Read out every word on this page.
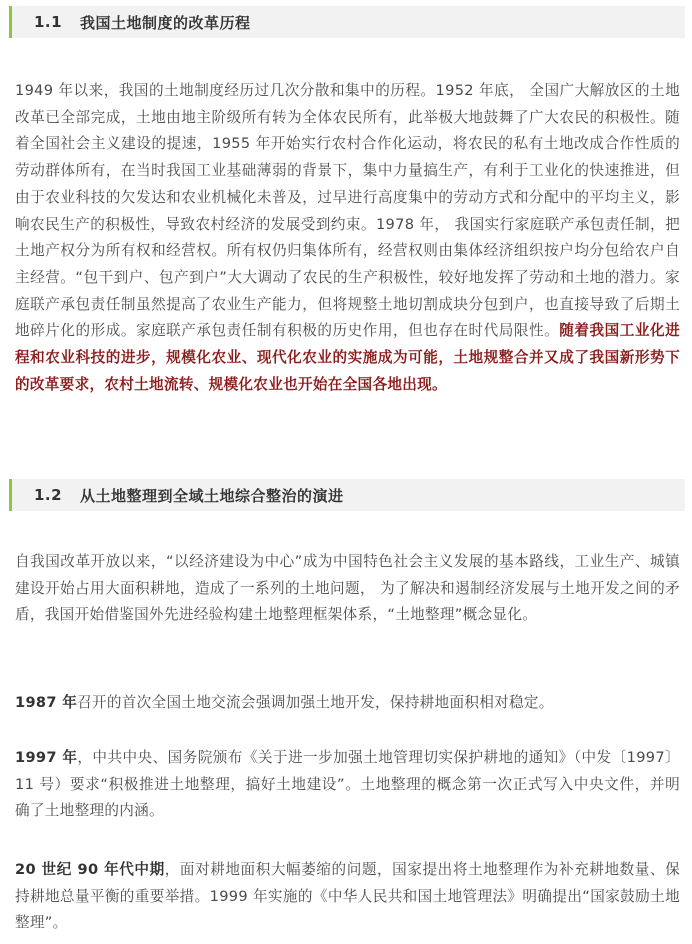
1.1	我国土地制度的改革历程

1949 年以来，我国的土地制度经历过几次分散和集中的历程。1952 年底， 全国广大解放区的土地改革已全部完成，土地由地主阶级所有转为全体农民所有，此举极大地鼓舞了广大农民的积极性。随着全国社会主义建设的提速，1955 年开始实行农村合作化运动，将农民的私有土地改成合作性质的劳动群体所有，在当时我国工业基础薄弱的背景下，集中力量搞生产，有利于工业化的快速推进，但由于农业科技的欠发达和农业机械化未普及，过早进行高度集中的劳动方式和分配中的平均主义，影响农民生产的积极性，导致农村经济的发展受到约束。1978 年， 我国实行家庭联产承包责任制，把土地产权分为所有权和经营权。所有权仍归集体所有，经营权则由集体经济组织按户均分包给农户自主经营。“包干到户、包产到户”大大调动了农民的生产积极性，较好地发挥了劳动和土地的潜力。家庭联产承包责任制虽然提高了农业生产能力，但将规整土地切割成块分包到户，也直接导致了后期土地碎片化的形成。家庭联产承包责任制有积极的历史作用，但也存在时代局限性。随着我国工业化进程和农业科技的进步，规模化农业、现代化农业的实施成为可能，土地规整合并又成了我国新形势下的改革要求，农村土地流转、规模化农业也开始在全国各地出现。

1.2	从土地整理到全域土地综合整治的演进

自我国改革开放以来，“以经济建设为中心”成为中国特色社会主义发展的基本路线，工业生产、城镇建设开始占用大面积耕地，造成了一系列的土地问题， 为了解决和遏制经济发展与土地开发之间的矛盾，我国开始借鉴国外先进经验构建土地整理框架体系，“土地整理”概念显化。

1987 年召开的首次全国土地交流会强调加强土地开发，保持耕地面积相对稳定。

1997 年，中共中央、国务院颁布《关于进一步加强土地管理切实保护耕地的通知》（中发〔1997〕11 号）要求“积极推进土地整理，搞好土地建设”。土地整理的概念第一次正式写入中央文件，并明确了土地整理的内涵。

20 世纪 90 年代中期，面对耕地面积大幅萎缩的问题，国家提出将土地整理作为补充耕地数量、保持耕地总量平衡的重要举措。1999 年实施的《中华人民共和国土地管理法》明确提出“国家鼓励土地整理”。
